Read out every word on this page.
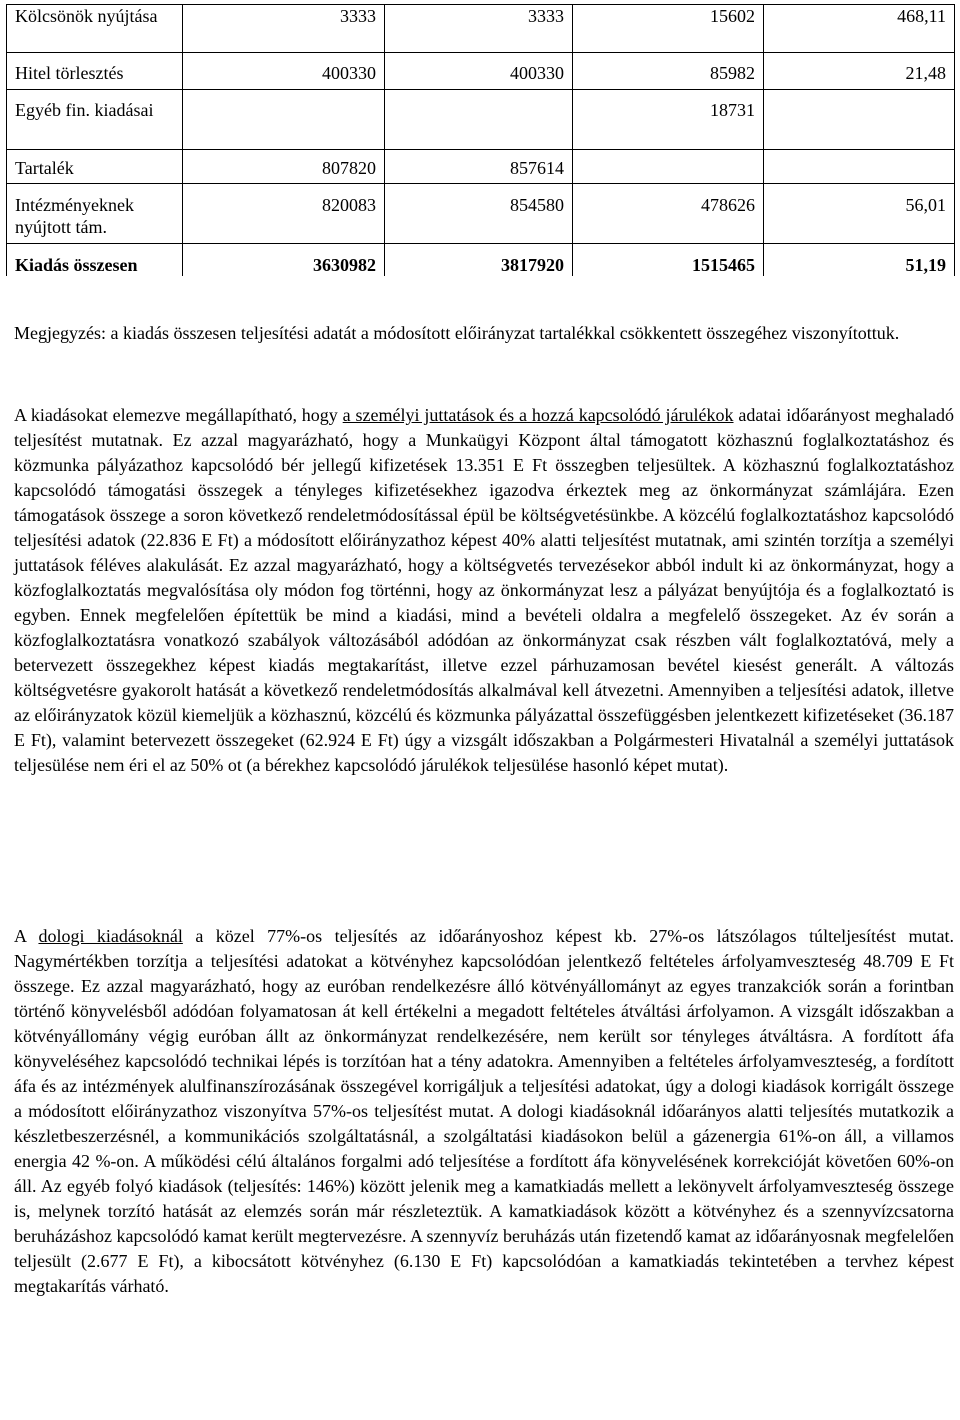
Kölcsönök nyújtása	3333	3333	15602	468,11
Hitel törlesztés	400330	400330	85982	21,48
Egyéb fin. kiadásai			18731	
Tartalék	807820	857614		
Intézményeknek nyújtott tám.	820083	854580	478626	56,01
Kiadás összesen	3630982	3817920	1515465	51,19
Megjegyzés: a kiadás összesen teljesítési adatát a módosított előirányzat tartalékkal csökkentett összegéhez viszonyítottuk.

A kiadásokat elemezve megállapítható, hogy a személyi juttatások és a hozzá kapcsolódó járulékok adatai időarányost meghaladó teljesítést mutatnak. Ez azzal magyarázható, hogy a Munkaügyi Központ által támogatott közhasznú foglalkoztatáshoz és közmunka pályázathoz kapcsolódó bér jellegű kifizetések 13.351 E Ft összegben teljesültek. A közhasznú foglalkoztatáshoz kapcsolódó támogatási összegek a tényleges kifizetésekhez igazodva érkeztek meg az önkormányzat számlájára. Ezen támogatások összege a soron következő rendeletmódosítással épül be költségvetésünkbe. A közcélú foglalkoztatáshoz kapcsolódó teljesítési adatok (22.836 E Ft) a módosított előirányzathoz képest 40% alatti teljesítést mutatnak, ami szintén torzítja a személyi juttatások féléves alakulását. Ez azzal magyarázható, hogy a költségvetés tervezésekor abból indult ki az önkormányzat, hogy a közfoglalkoztatás megvalósítása oly módon fog történni, hogy az önkormányzat lesz a pályázat benyújtója és a foglalkoztató is egyben. Ennek megfelelően építettük be mind a kiadási, mind a bevételi oldalra a megfelelő összegeket. Az év során a közfoglalkoztatásra vonatkozó szabályok változásából adódóan az önkormányzat csak részben vált foglalkoztatóvá, mely a betervezett összegekhez képest kiadás megtakarítást, illetve ezzel párhuzamosan bevétel kiesést generált. A változás költségvetésre gyakorolt hatását a következő rendeletmódosítás alkalmával kell átvezetni. Amennyiben a teljesítési adatok, illetve az előirányzatok közül kiemeljük a közhasznú, közcélú és közmunka pályázattal összefüggésben jelentkezett kifizetéseket (36.187 E Ft), valamint betervezett összegeket (62.924 E Ft) úgy a vizsgált időszakban a Polgármesteri Hivatalnál a személyi juttatások teljesülése nem éri el az 50% ot (a bérekhez kapcsolódó járulékok teljesülése hasonló képet mutat).

A dologi kiadásoknál a közel 77%-os teljesítés az időarányoshoz képest kb. 27%-os látszólagos túlteljesítést mutat. Nagymértékben torzítja a teljesítési adatokat a kötvényhez kapcsolódóan jelentkező feltételes árfolyamveszteség 48.709 E Ft összege. Ez azzal magyarázható, hogy az euróban rendelkezésre álló kötvényállományt az egyes tranzakciók során a forintban történő könyvelésből adódóan folyamatosan át kell értékelni a megadott feltételes átváltási árfolyamon. A vizsgált időszakban a kötvényállomány végig euróban állt az önkormányzat rendelkezésére, nem került sor tényleges átváltásra. A fordított áfa könyveléséhez kapcsolódó technikai lépés is torzítóan hat a tény adatokra. Amennyiben a feltételes árfolyamveszteség, a fordított áfa és az intézmények alulfinanszírozásának összegével korrigáljuk a teljesítési adatokat, úgy a dologi kiadások korrigált összege a módosított előirányzathoz viszonyítva 57%-os teljesítést mutat. A dologi kiadásoknál időarányos alatti teljesítés mutatkozik a készletbeszerzésnél, a kommunikációs szolgáltatásnál, a szolgáltatási kiadásokon belül a gázenergia 61%-on áll, a villamos energia 42 %-on. A működési célú általános forgalmi adó teljesítése a fordított áfa könyvelésének korrekcióját követően 60%-on áll. Az egyéb folyó kiadások (teljesítés: 146%) között jelenik meg a kamatkiadás mellett a lekönyvelt árfolyamveszteség összege is, melynek torzító hatását az elemzés során már részleteztük. A kamatkiadások között a kötvényhez és a szennyvízcsatorna beruházáshoz kapcsolódó kamat került megtervezésre. A szennyvíz beruházás után fizetendő kamat az időarányosnak megfelelően teljesült (2.677 E Ft), a kibocsátott kötvényhez (6.130 E Ft) kapcsolódóan a kamatkiadás tekintetében a tervhez képest megtakarítás várható.
